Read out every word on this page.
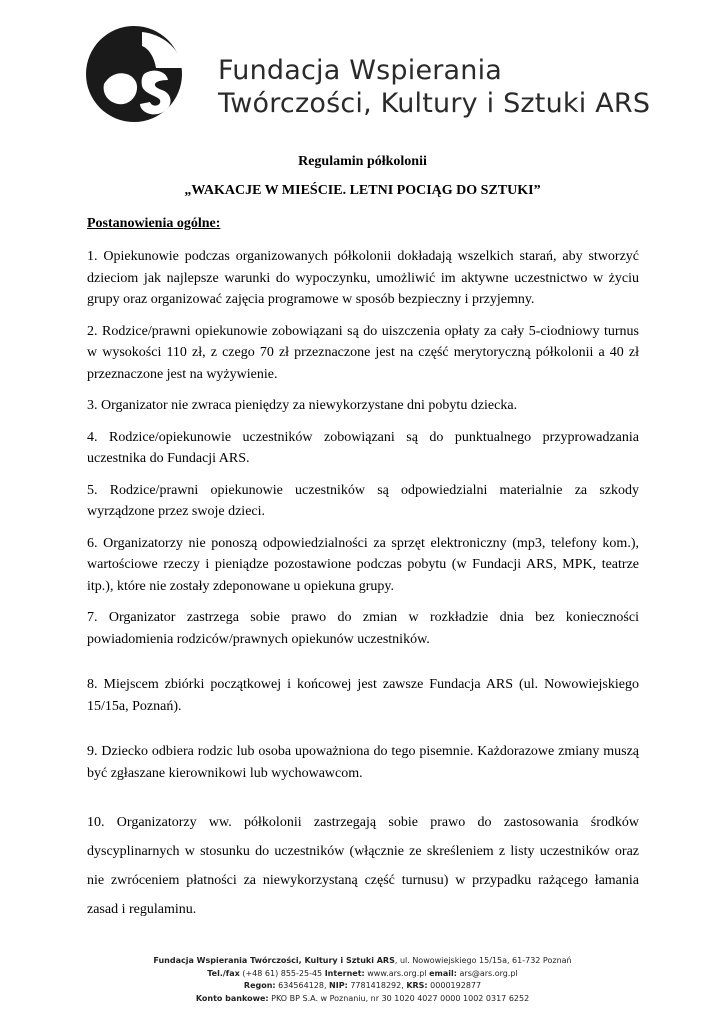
Fundacja Wspierania
Twórczości, Kultury i Sztuki ARS
Regulamin półkolonii
„WAKACJE W MIEŚCIE. LETNI POCIĄG DO SZTUKI”
Postanowienia ogólne:

1. Opiekunowie podczas organizowanych półkolonii dokładają wszelkich starań, aby stworzyć dzieciom jak najlepsze warunki do wypoczynku, umożliwić im aktywne uczestnictwo w życiu grupy oraz organizować zajęcia programowe w sposób bezpieczny i przyjemny.

2. Rodzice/prawni opiekunowie zobowiązani są do uiszczenia opłaty za cały 5-ciodniowy turnus w wysokości 110 zł, z czego 70 zł przeznaczone jest na część merytoryczną półkolonii a 40 zł przeznaczone jest na wyżywienie.

3. Organizator nie zwraca pieniędzy za niewykorzystane dni pobytu dziecka.

4. Rodzice/opiekunowie uczestników zobowiązani są do punktualnego przyprowadzania uczestnika do Fundacji ARS.

5. Rodzice/prawni opiekunowie uczestników są odpowiedzialni materialnie za szkody wyrządzone przez swoje dzieci.

6. Organizatorzy nie ponoszą odpowiedzialności za sprzęt elektroniczny (mp3, telefony kom.), wartościowe rzeczy i pieniądze pozostawione podczas pobytu (w Fundacji ARS, MPK, teatrze itp.), które nie zostały zdeponowane u opiekuna grupy.

7. Organizator zastrzega sobie prawo do zmian w rozkładzie dnia bez konieczności powiadomienia rodziców/prawnych opiekunów uczestników.

8. Miejscem zbiórki początkowej i końcowej jest zawsze Fundacja ARS (ul. Nowowiejskiego 15/15a, Poznań).

9. Dziecko odbiera rodzic lub osoba upoważniona do tego pisemnie. Każdorazowe zmiany muszą być zgłaszane kierownikowi lub wychowawcom.

10. Organizatorzy ww. półkolonii zastrzegają sobie prawo do zastosowania środków dyscyplinarnych w stosunku do uczestników (włącznie ze skreśleniem z listy uczestników oraz nie zwróceniem płatności za niewykorzystaną część turnusu) w przypadku rażącego łamania zasad i regulaminu.

Fundacja Wspierania Twórczości, Kultury i Sztuki ARS, ul. Nowowiejskiego 15/15a, 61-732 Poznań
Tel./fax (+48 61) 855-25-45 Internet: www.ars.org.pl email: ars@ars.org.pl
Regon: 634564128, NIP: 7781418292, KRS: 0000192877
Konto bankowe: PKO BP S.A. w Poznaniu, nr 30 1020 4027 0000 1002 0317 6252
